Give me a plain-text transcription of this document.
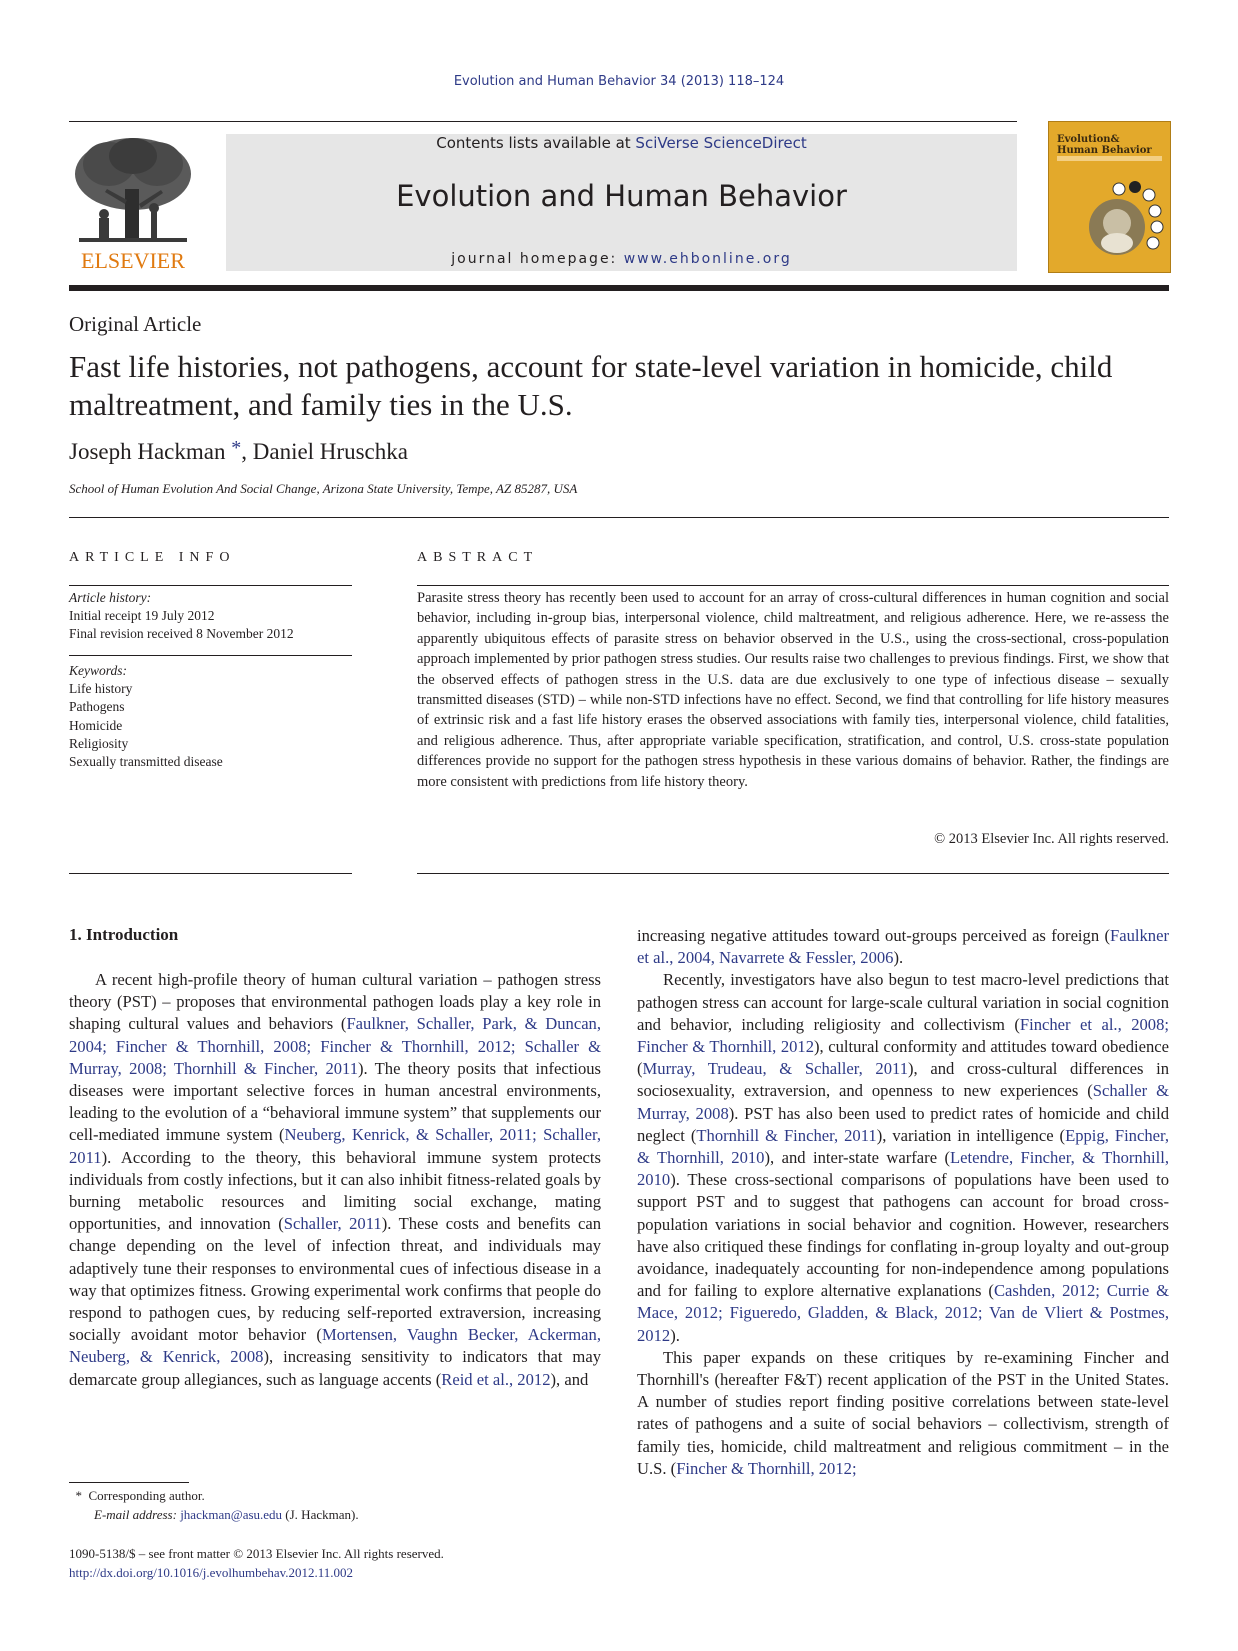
Evolution and Human Behavior 34 (2013) 118–124
ELSEVIER
Contents lists available at SciVerse ScienceDirect
Evolution and Human Behavior
journal homepage: www.ehbonline.org
Evolution&
Human Behavior
Original Article
Fast life histories, not pathogens, account for state-level variation in homicide, child maltreatment, and family ties in the U.S.
Joseph Hackman *, Daniel Hruschka
School of Human Evolution And Social Change, Arizona State University, Tempe, AZ 85287, USA
ARTICLE INFO
Article history:
Initial receipt 19 July 2012
Final revision received 8 November 2012
Keywords:
Life history
Pathogens
Homicide
Religiosity
Sexually transmitted disease
ABSTRACT
Parasite stress theory has recently been used to account for an array of cross-cultural differences in human cognition and social behavior, including in-group bias, interpersonal violence, child maltreatment, and religious adherence. Here, we re-assess the apparently ubiquitous effects of parasite stress on behavior observed in the U.S., using the cross-sectional, cross-population approach implemented by prior pathogen stress studies. Our results raise two challenges to previous findings. First, we show that the observed effects of pathogen stress in the U.S. data are due exclusively to one type of infectious disease – sexually transmitted diseases (STD) – while non-STD infections have no effect. Second, we find that controlling for life history measures of extrinsic risk and a fast life history erases the observed associations with family ties, interpersonal violence, child fatalities, and religious adherence. Thus, after appropriate variable specification, stratification, and control, U.S. cross-state population differences provide no support for the pathogen stress hypothesis in these various domains of behavior. Rather, the findings are more consistent with predictions from life history theory.
© 2013 Elsevier Inc. All rights reserved.
1. Introduction

A recent high-profile theory of human cultural variation – pathogen stress theory (PST) – proposes that environmental pathogen loads play a key role in shaping cultural values and behaviors (Faulkner, Schaller, Park, & Duncan, 2004; Fincher & Thornhill, 2008; Fincher & Thornhill, 2012; Schaller & Murray, 2008; Thornhill & Fincher, 2011). The theory posits that infectious diseases were important selective forces in human ancestral environments, leading to the evolution of a “behavioral immune system” that supplements our cell-mediated immune system (Neuberg, Kenrick, & Schaller, 2011; Schaller, 2011). According to the theory, this behavioral immune system protects individuals from costly infections, but it can also inhibit fitness-related goals by burning metabolic resources and limiting social exchange, mating opportunities, and innovation (Schaller, 2011). These costs and benefits can change depending on the level of infection threat, and individuals may adaptively tune their responses to environmental cues of infectious disease in a way that optimizes fitness. Growing experimental work confirms that people do respond to pathogen cues, by reducing self-reported extraversion, increasing socially avoidant motor behavior (Mortensen, Vaughn Becker, Ackerman, Neuberg, & Kenrick, 2008), increasing sensitivity to indicators that may demarcate group allegiances, such as language accents (Reid et al., 2012), and

increasing negative attitudes toward out-groups perceived as foreign (Faulkner et al., 2004, Navarrete & Fessler, 2006).

Recently, investigators have also begun to test macro-level predictions that pathogen stress can account for large-scale cultural variation in social cognition and behavior, including religiosity and collectivism (Fincher et al., 2008; Fincher & Thornhill, 2012), cultural conformity and attitudes toward obedience (Murray, Trudeau, & Schaller, 2011), and cross-cultural differences in sociosexuality, extraversion, and openness to new experiences (Schaller & Murray, 2008). PST has also been used to predict rates of homicide and child neglect (Thornhill & Fincher, 2011), variation in intelligence (Eppig, Fincher, & Thornhill, 2010), and inter-state warfare (Letendre, Fincher, & Thornhill, 2010). These cross-sectional comparisons of populations have been used to support PST and to suggest that pathogens can account for broad cross-population variations in social behavior and cognition. However, researchers have also critiqued these findings for conflating in-group loyalty and out-group avoidance, inadequately accounting for non-independence among populations and for failing to explore alternative explanations (Cashden, 2012; Currie & Mace, 2012; Figueredo, Gladden, & Black, 2012; Van de Vliert & Postmes, 2012).

This paper expands on these critiques by re-examining Fincher and Thornhill's (hereafter F&T) recent application of the PST in the United States. A number of studies report finding positive correlations between state-level rates of pathogens and a suite of social behaviors – collectivism, strength of family ties, homicide, child maltreatment and religious commitment – in the U.S. (Fincher & Thornhill, 2012;

* Corresponding author.
E-mail address: jhackman@asu.edu (J. Hackman).
1090-5138/$ – see front matter © 2013 Elsevier Inc. All rights reserved.
http://dx.doi.org/10.1016/j.evolhumbehav.2012.11.002
